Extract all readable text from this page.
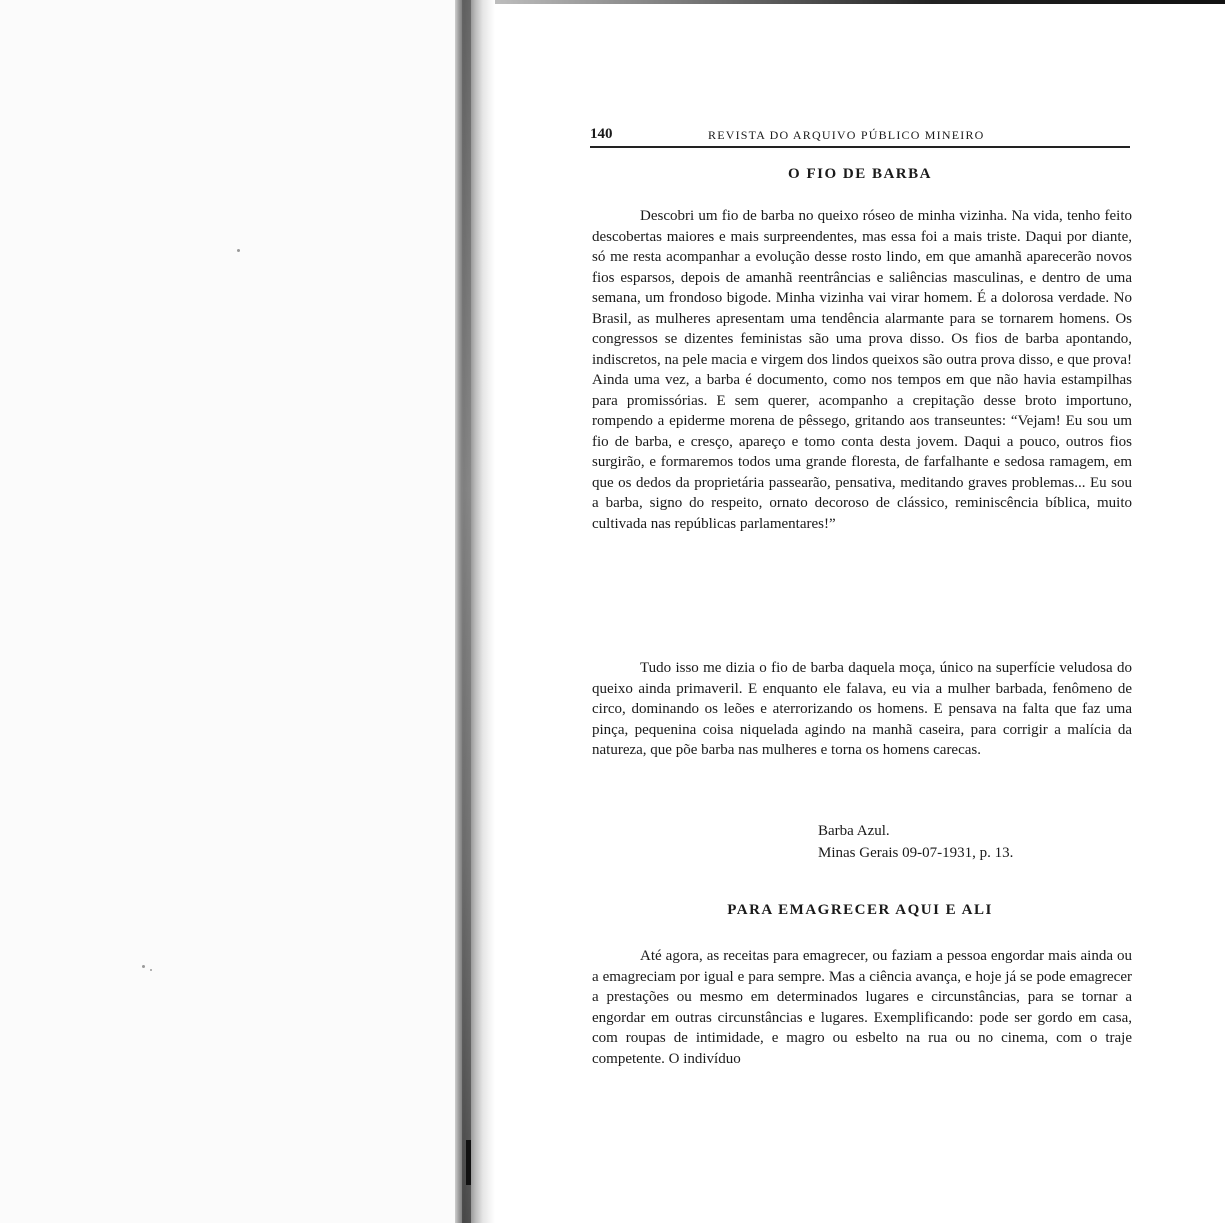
140	REVISTA DO ARQUIVO PÚBLICO MINEIRO
O FIO DE BARBA

Descobri um fio de barba no queixo róseo de minha vizinha. Na vida, tenho feito descobertas maiores e mais surpreendentes, mas essa foi a mais triste. Daqui por diante, só me resta acompanhar a evolução desse rosto lindo, em que amanhã aparecerão novos fios esparsos, depois de amanhã reentrâncias e saliências masculinas, e dentro de uma semana, um frondoso bigode. Minha vizinha vai virar homem. É a dolorosa verdade. No Brasil, as mulheres apresentam uma tendência alarmante para se tornarem homens. Os congressos se dizentes feministas são uma prova disso. Os fios de barba apontando, indiscretos, na pele macia e virgem dos lindos queixos são outra prova disso, e que prova! Ainda uma vez, a barba é documento, como nos tempos em que não havia estampilhas para promissórias. E sem querer, acompanho a crepitação desse broto importuno, rompendo a epiderme morena de pêssego, gritando aos transeuntes: “Vejam! Eu sou um fio de barba, e cresço, apareço e tomo conta desta jovem. Daqui a pouco, outros fios surgirão, e formaremos todos uma grande floresta, de farfalhante e sedosa ramagem, em que os dedos da proprietária passearão, pensativa, meditando graves problemas... Eu sou a barba, signo do respeito, ornato decoroso de clássico, reminiscência bíblica, muito cultivada nas repúblicas parlamentares!”

Tudo isso me dizia o fio de barba daquela moça, único na superfície veludosa do queixo ainda primaveril. E enquanto ele falava, eu via a mulher barbada, fenômeno de circo, dominando os leões e aterrorizando os homens. E pensava na falta que faz uma pinça, pequenina coisa niquelada agindo na manhã caseira, para corrigir a malícia da natureza, que põe barba nas mulheres e torna os homens carecas.

Barba Azul.
Minas Gerais 09-07-1931, p. 13.
PARA EMAGRECER AQUI E ALI

Até agora, as receitas para emagrecer, ou faziam a pessoa engordar mais ainda ou a emagreciam por igual e para sempre. Mas a ciência avança, e hoje já se pode emagrecer a prestações ou mesmo em determinados lugares e circunstâncias, para se tornar a engordar em outras circunstâncias e lugares. Exemplificando: pode ser gordo em casa, com roupas de intimidade, e magro ou esbelto na rua ou no cinema, com o traje competente. O indivíduo
